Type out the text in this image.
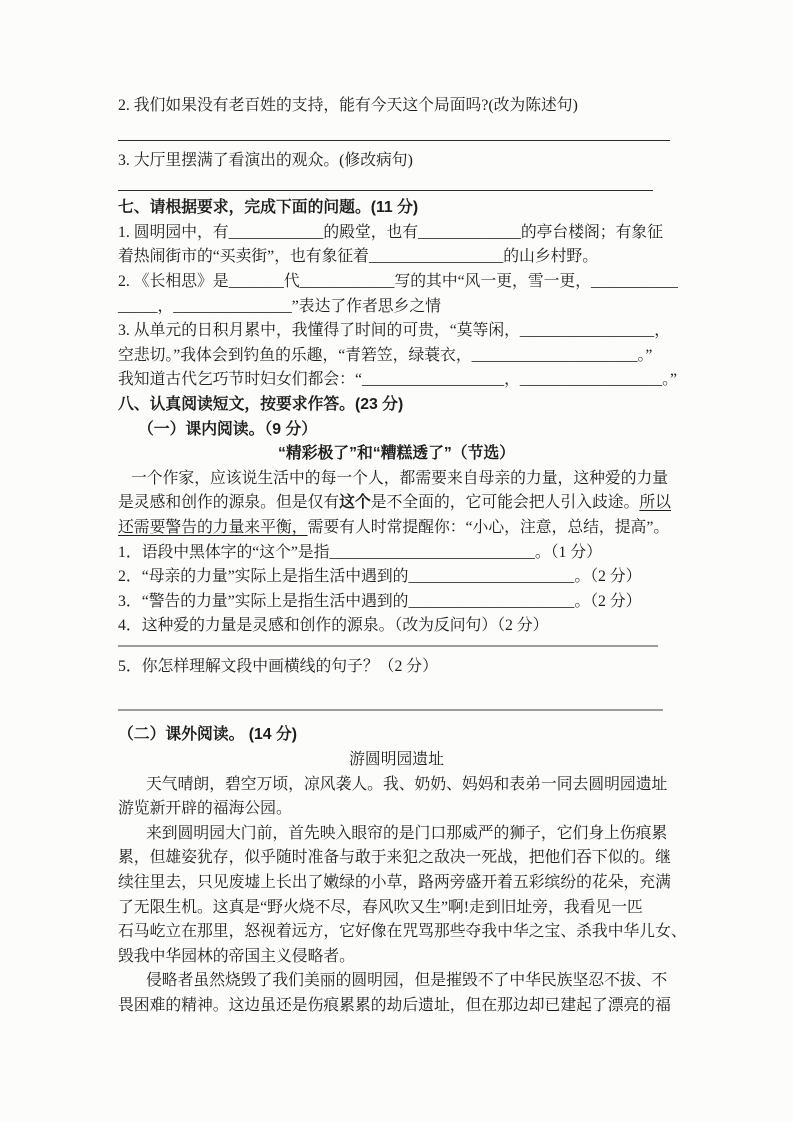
2. 我们如果没有老百姓的支持，能有今天这个局面吗?(改为陈述句)
3. 大厅里摆满了看演出的观众。(修改病句)
七、请根据要求，完成下面的问题。(11 分)
1. 圆明园中，有____________的殿堂，也有_____________的亭台楼阁；有象征
着热闹街市的“买卖街”，也有象征着_________________的山乡村野。
2. 《长相思》是_______代____________写的其中“风一更，雪一更，___________
_____，_______________”表达了作者思乡之情
3. 从单元的日积月累中，我懂得了时间的可贵，“莫等闲，_________________，
空悲切。”我体会到钓鱼的乐趣，“青箬笠，绿蓑衣，_____________________。”
我知道古代乞巧节时妇女们都会：“__________________，__________________。”
八、认真阅读短文，按要求作答。(23 分)
（一）课内阅读。（9 分）
“精彩极了”和“糟糕透了”（节选）
一个作家，应该说生活中的每一个人，都需要来自母亲的力量，这种爱的力量
是灵感和创作的源泉。但是仅有这个是不全面的，它可能会把人引入歧途。所以
还需要警告的力量来平衡，需要有人时常提醒你：“小心，注意，总结，提高”。
1．语段中黑体字的“这个”是指__________________________。（1 分）
2．“母亲的力量”实际上是指生活中遇到的_____________________。（2 分）
3．“警告的力量”实际上是指生活中遇到的_____________________。（2 分）
4．这种爱的力量是灵感和创作的源泉。（改为反问句）（2 分）
5．你怎样理解文段中画横线的句子？（2 分）
（二）课外阅读。 (14 分)
游圆明园遗址
天气晴朗，碧空万顷，凉风袭人。我、奶奶、妈妈和表弟一同去圆明园遗址
游览新开辟的福海公园。
来到圆明园大门前，首先映入眼帘的是门口那威严的狮子，它们身上伤痕累
累，但雄姿犹存，似乎随时准备与敢于来犯之敌决一死战，把他们吞下似的。继
续往里去，只见废墟上长出了嫩绿的小草，路两旁盛开着五彩缤纷的花朵，充满
了无限生机。这真是“野火烧不尽，春风吹又生”啊!走到旧址旁，我看见一匹
石马屹立在那里，怒视着远方，它好像在咒骂那些夺我中华之宝、杀我中华儿女、
毁我中华园林的帝国主义侵略者。
侵略者虽然烧毁了我们美丽的圆明园，但是摧毁不了中华民族坚忍不拔、不
畏困难的精神。这边虽还是伤痕累累的劫后遗址，但在那边却已建起了漂亮的福
